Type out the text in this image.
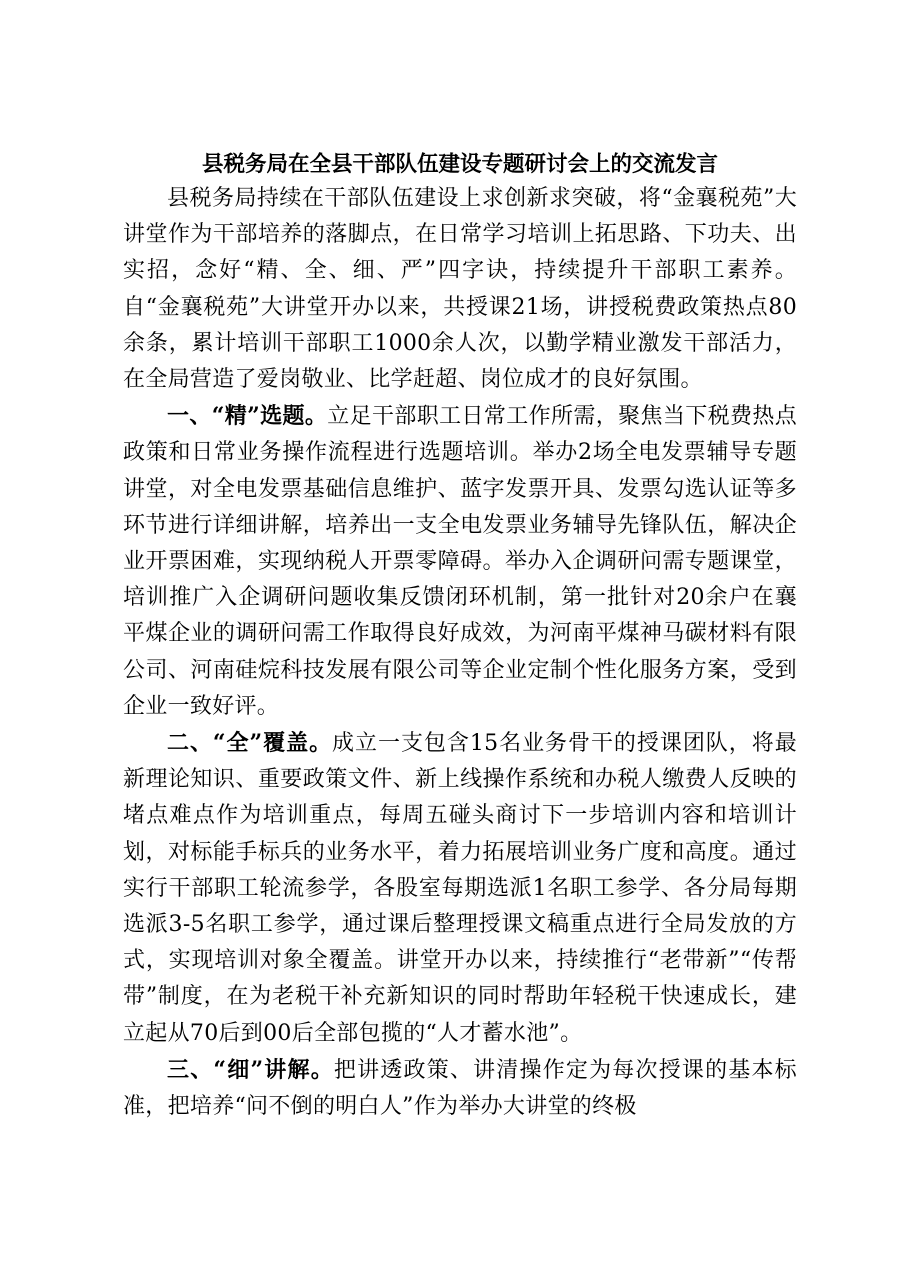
县税务局在全县干部队伍建设专题研讨会上的交流发言

县税务局持续在干部队伍建设上求创新求突破，将“金襄税苑”大讲堂作为干部培养的落脚点，在日常学习培训上拓思路、下功夫、出实招，念好“精、全、细、严”四字诀，持续提升干部职工素养。自“金襄税苑”大讲堂开办以来，共授课21场，讲授税费政策热点80余条，累计培训干部职工1000余人次，以勤学精业激发干部活力，在全局营造了爱岗敬业、比学赶超、岗位成才的良好氛围。

一、“精”选题。立足干部职工日常工作所需，聚焦当下税费热点政策和日常业务操作流程进行选题培训。举办2场全电发票辅导专题讲堂，对全电发票基础信息维护、蓝字发票开具、发票勾选认证等多环节进行详细讲解，培养出一支全电发票业务辅导先锋队伍，解决企业开票困难，实现纳税人开票零障碍。举办入企调研问需专题课堂，培训推广入企调研问题收集反馈闭环机制，第一批针对20余户在襄平煤企业的调研问需工作取得良好成效，为河南平煤神马碳材料有限公司、河南硅烷科技发展有限公司等企业定制个性化服务方案，受到企业一致好评。

二、“全”覆盖。成立一支包含15名业务骨干的授课团队，将最新理论知识、重要政策文件、新上线操作系统和办税人缴费人反映的堵点难点作为培训重点，每周五碰头商讨下一步培训内容和培训计划，对标能手标兵的业务水平，着力拓展培训业务广度和高度。通过实行干部职工轮流参学，各股室每期选派1名职工参学、各分局每期选派3-5名职工参学，通过课后整理授课文稿重点进行全局发放的方式，实现培训对象全覆盖。讲堂开办以来，持续推行“老带新”“传帮带”制度，在为老税干补充新知识的同时帮助年轻税干快速成长，建立起从70后到00后全部包揽的“人才蓄水池”。

三、“细”讲解。把讲透政策、讲清操作定为每次授课的基本标准，把培养“问不倒的明白人”作为举办大讲堂的终极
